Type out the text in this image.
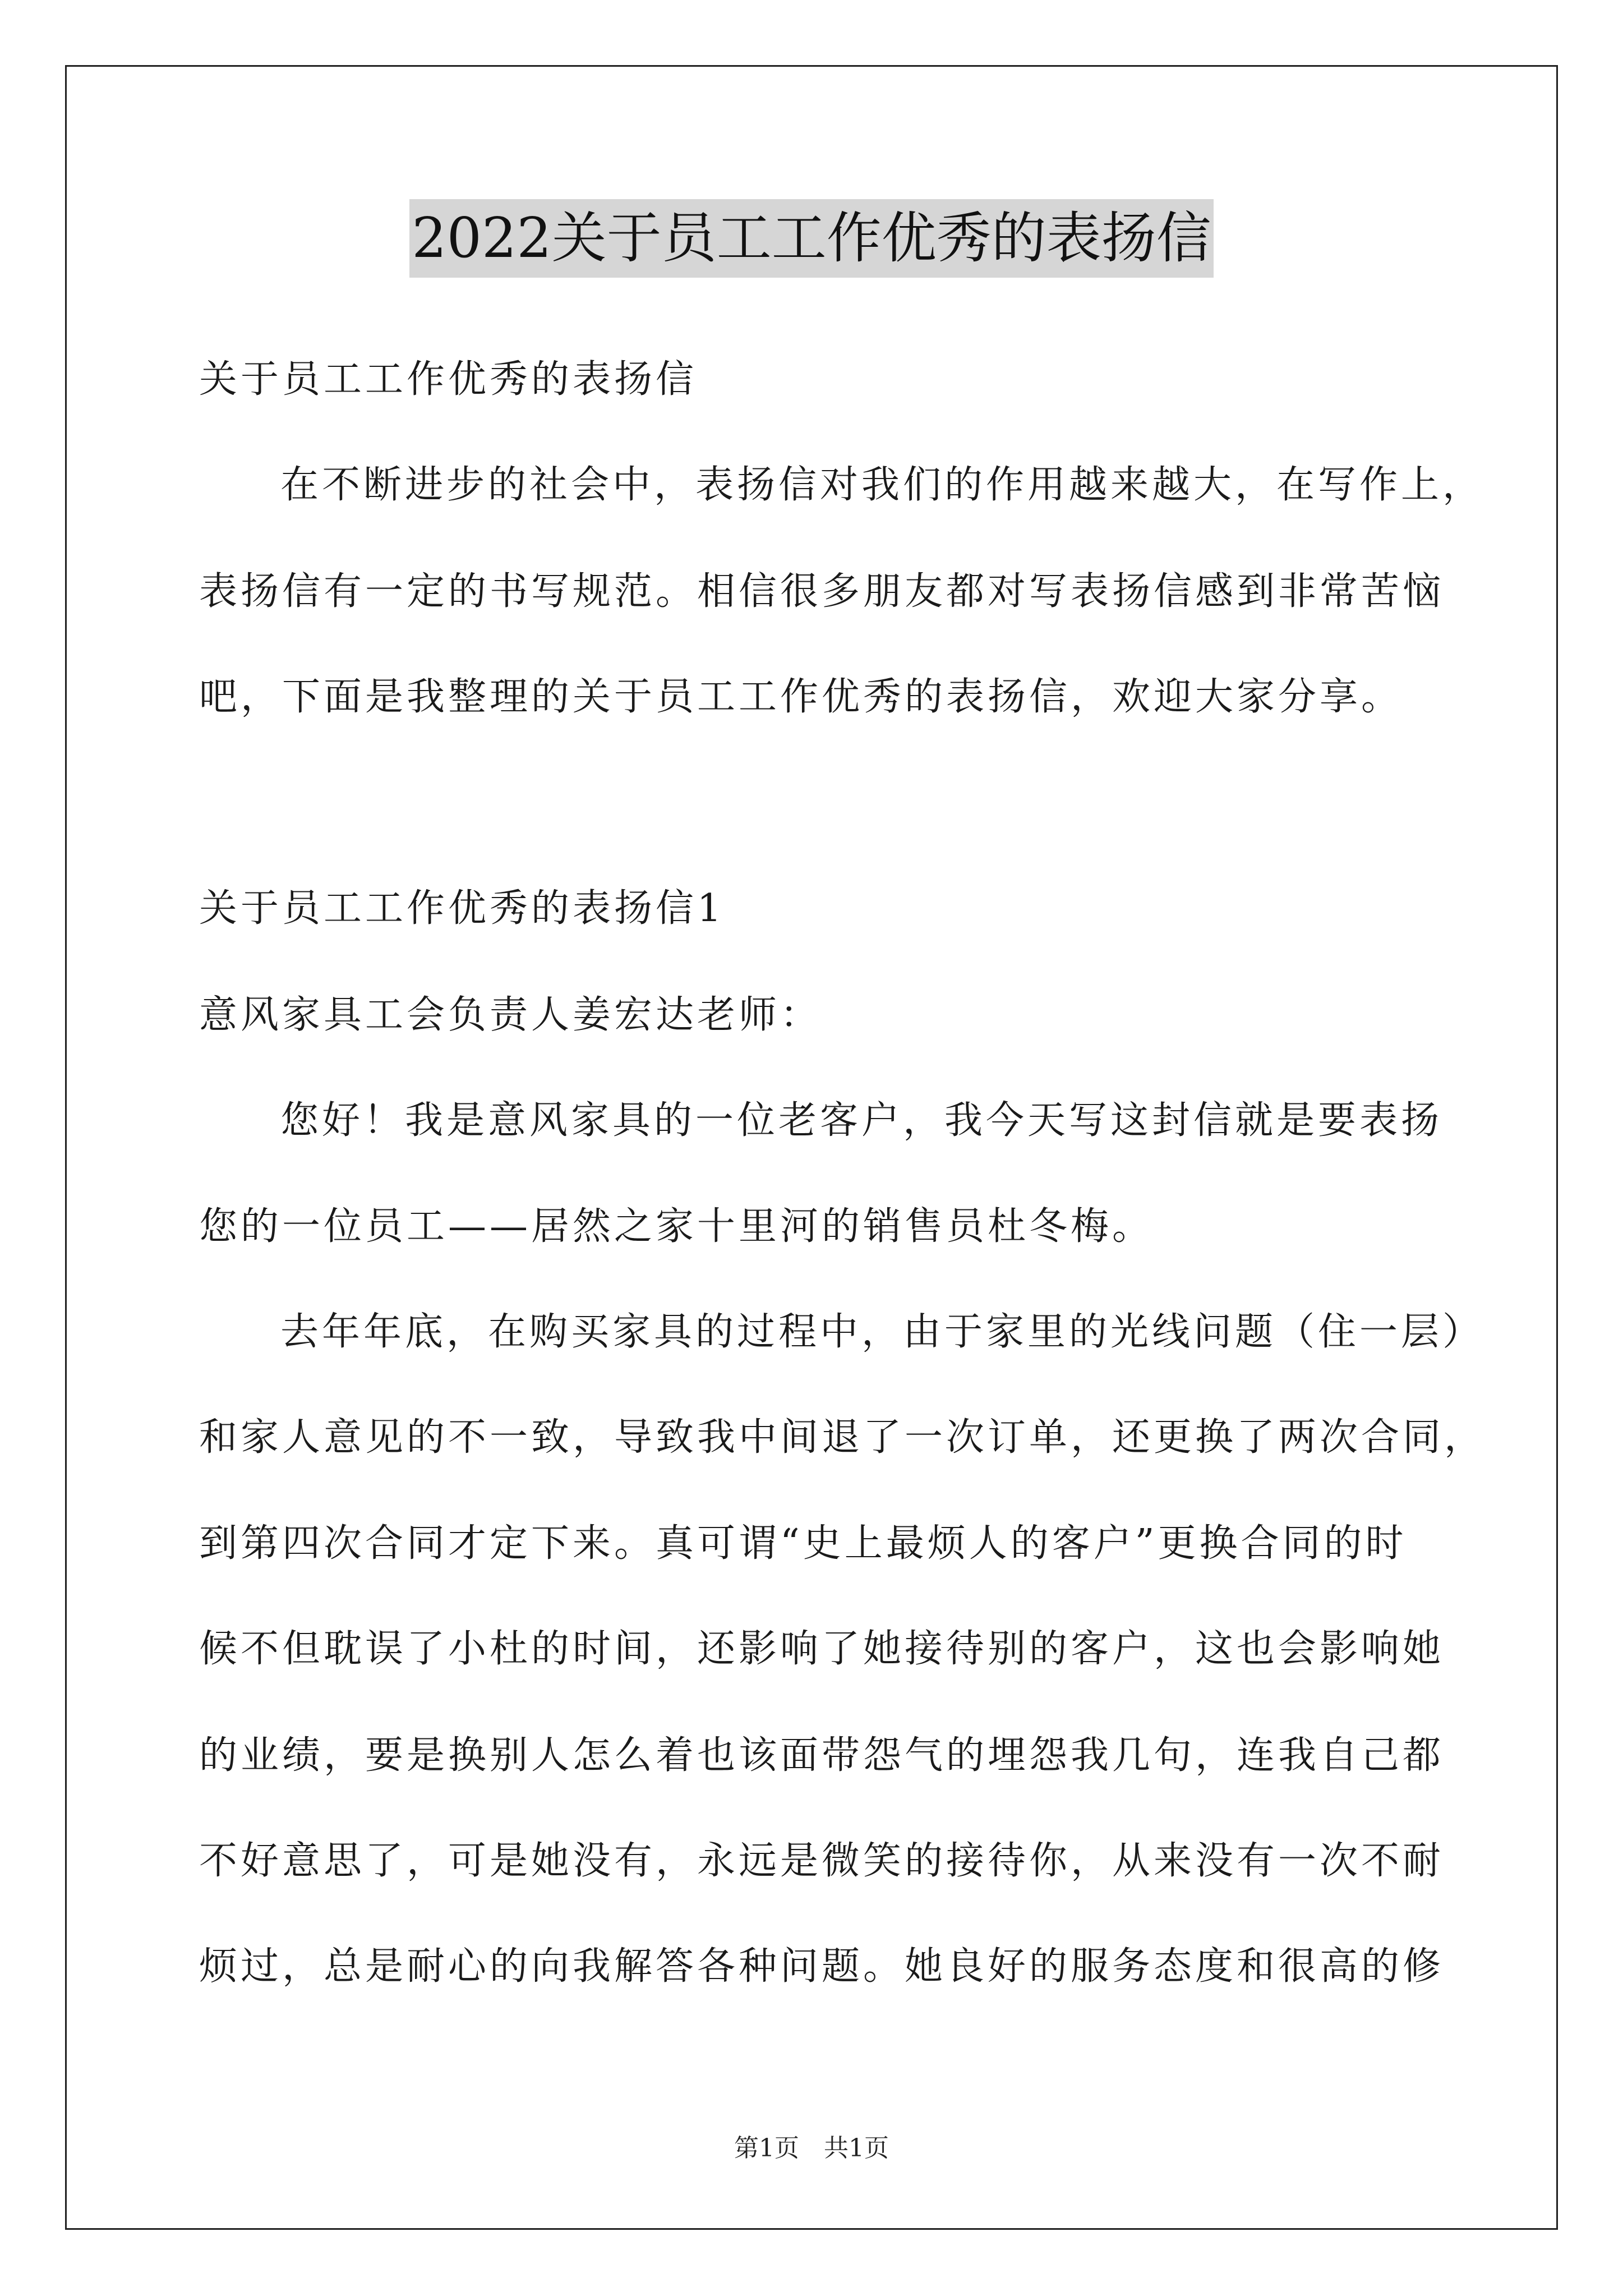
2022关于员工工作优秀的表扬信
关于员工工作优秀的表扬信
在不断进步的社会中，表扬信对我们的作用越来越大，在写作上，
表扬信有一定的书写规范。相信很多朋友都对写表扬信感到非常苦恼
吧，下面是我整理的关于员工工作优秀的表扬信，欢迎大家分享。
关于员工工作优秀的表扬信1
意风家具工会负责人姜宏达老师：
您好！我是意风家具的一位老客户，我今天写这封信就是要表扬
您的一位员工——居然之家十里河的销售员杜冬梅。
去年年底，在购买家具的过程中，由于家里的光线问题（住一层）
和家人意见的不一致，导致我中间退了一次订单，还更换了两次合同，
到第四次合同才定下来。真可谓“史上最烦人的客户”更换合同的时
候不但耽误了小杜的时间，还影响了她接待别的客户，这也会影响她
的业绩，要是换别人怎么着也该面带怨气的埋怨我几句，连我自己都
不好意思了，可是她没有，永远是微笑的接待你，从来没有一次不耐
烦过，总是耐心的向我解答各种问题。她良好的服务态度和很高的修
第1页　共1页
